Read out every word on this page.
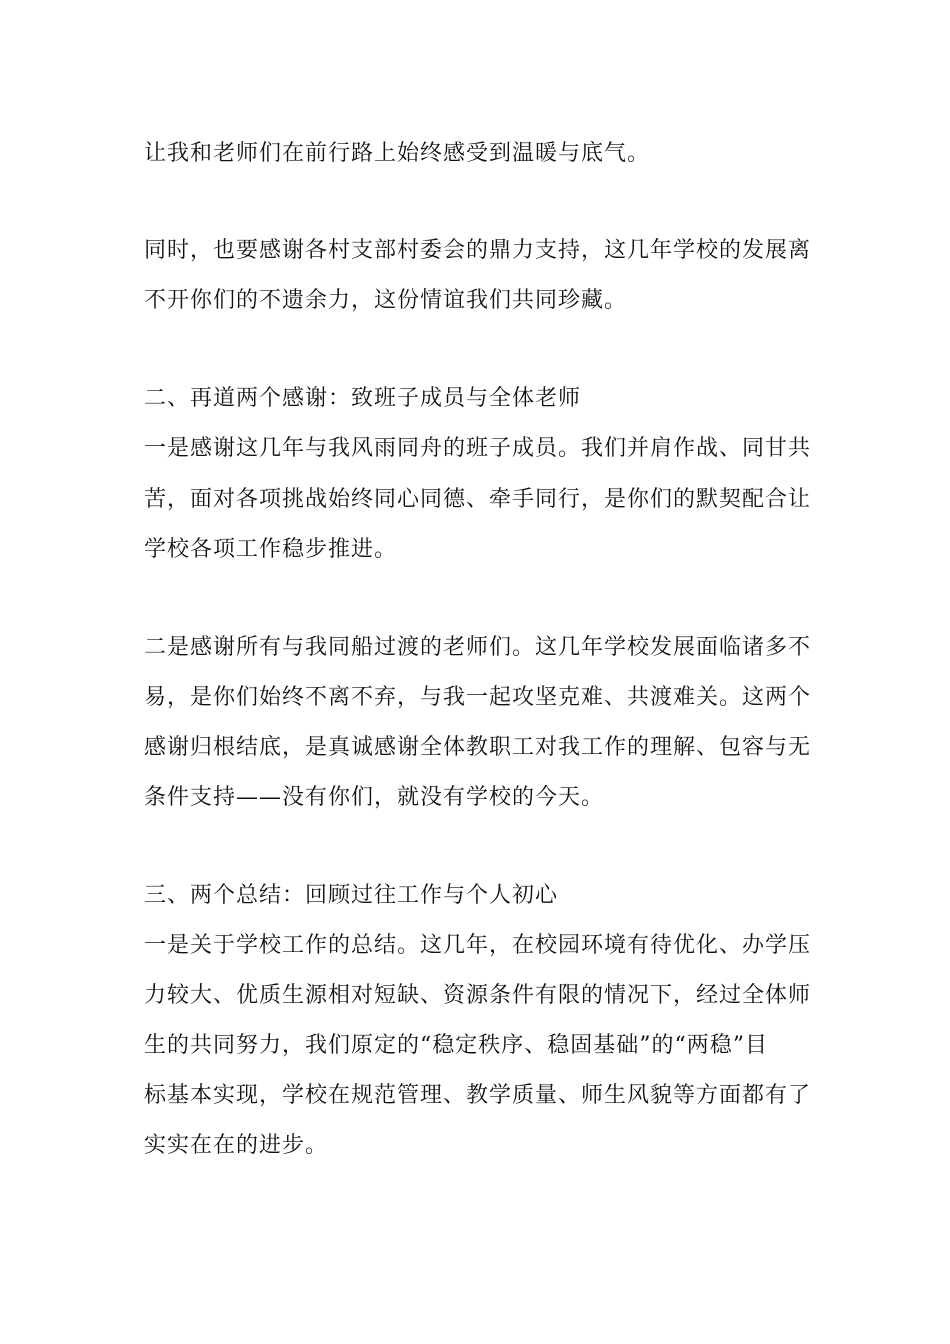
让我和老师们在前行路上始终感受到温暖与底气。
同时，也要感谢各村支部村委会的鼎力支持，这几年学校的发展离
不开你们的不遗余力，这份情谊我们共同珍藏。
二、再道两个感谢：致班子成员与全体老师
一是感谢这几年与我风雨同舟的班子成员。我们并肩作战、同甘共
苦，面对各项挑战始终同心同德、牵手同行，是你们的默契配合让
学校各项工作稳步推进。
二是感谢所有与我同船过渡的老师们。这几年学校发展面临诸多不
易，是你们始终不离不弃，与我一起攻坚克难、共渡难关。这两个
感谢归根结底，是真诚感谢全体教职工对我工作的理解、包容与无
条件支持——没有你们，就没有学校的今天。
三、两个总结：回顾过往工作与个人初心
一是关于学校工作的总结。这几年，在校园环境有待优化、办学压
力较大、优质生源相对短缺、资源条件有限的情况下，经过全体师
生的共同努力，我们原定的“稳定秩序、稳固基础”的“两稳”目
标基本实现，学校在规范管理、教学质量、师生风貌等方面都有了
实实在在的进步。
